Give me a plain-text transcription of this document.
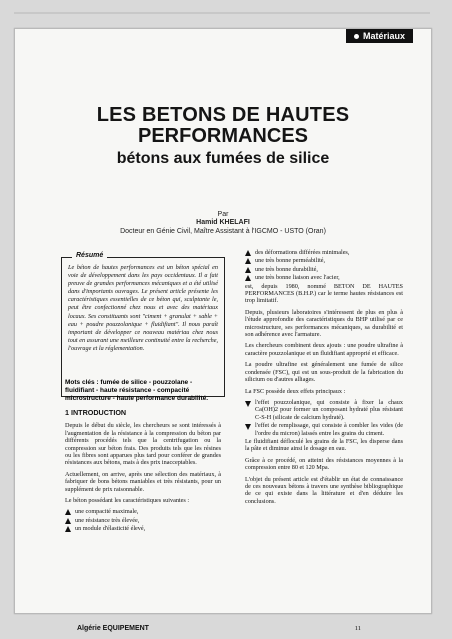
Matériaux
LES BETONS DE HAUTES
PERFORMANCES
bétons aux fumées de silice
Par
Hamid KHELAFI
Docteur en Génie Civil, Maître Assistant à l'IGCMO - USTO (Oran)
Résumé
Le béton de hautes performances est un béton spécial en voie de développement dans les pays occidentaux. Il a fait preuve de grandes performances mécaniques et a été utilisé dans d'importants ouvrages. Le présent article présente les caractéristiques essentielles de ce béton qui, sculptante le, peut être confectionné chez nous et avec des matériaux locaux. Ses constituants sont "ciment + granulat + sable + eau + poudre pouzzolanique + fluidifiant". Il nous paraît important de développer ce nouveau matériau chez nous tout en assurant une meilleure continuité entre la recherche, l'ouvrage et la réglementation.
Mots clés : fumée de silice - pouzzolane - fluidifiant - haute résistance - compacité microstructure - haute performance durabilité.
1 INTRODUCTION

Depuis le début du siècle, les chercheurs se sont intéressés à l'augmentation de la résistance à la compression du béton par différents procédés tels que la centrifugation ou la compression sur béton frais. Des produits tels que les résines ou les fibres sont apparues plus tard pour conférer de grandes résistances aux bétons, mais à des prix inacceptables.

Actuellement, on arrive, après une sélection des matériaux, à fabriquer de bons bétons maniables et très résistants, pour un supplément de prix raisonnable.

Le béton possédant les caractéristiques suivantes :

une compacité maximale,
une résistance très élevée,
un module d'élasticité élevé,
des déformations différées minimales,
une très bonne perméabilité,
une très bonne durabilité,
une très bonne liaison avec l'acier,

est, depuis 1980, nommé BETON DE HAUTES PERFORMANCES (B.H.P.) car le terme hautes résistances est trop limitatif.

Depuis, plusieurs laboratoires s'intéressent de plus en plus à l'étude approfondie des caractéristiques du BHP utilisé par ce microstructure, ses performances mécaniques, sa durabilité et son adhérence avec l'armature.

Les chercheurs combinent deux ajouts : une poudre ultrafine à caractère pouzzolanique et un fluidifiant approprié et efficace.

La poudre ultrafine est généralement une fumée de silice condensée (FSC), qui est un sous-produit de la fabrication du silicium ou d'autres alliages.

La FSC possède deux effets principaux :

l'effet pouzzolanique, qui consiste à fixer la chaux Ca(OH)2 pour former un composant hydraté plus résistant C-S-H (silicate de calcium hydraté).
l'effet de remplissage, qui consiste à combler les vides (de l'ordre du micron) laissés entre les grains du ciment.

Le fluidifiant défloculé les grains de la FSC, les disperse dans la pâte et diminue ainsi le dosage en eau.

Grâce à ce procédé, on atteint des résistances moyennes à la compression entre 80 et 120 Mpa.

L'objet du présent article est d'établir un état de connaissance de ces nouveaux bétons à travers une synthèse bibliographique de ce qui existe dans la littérature et d'en déduire les conclusions.

Algérie EQUIPEMENT	11
